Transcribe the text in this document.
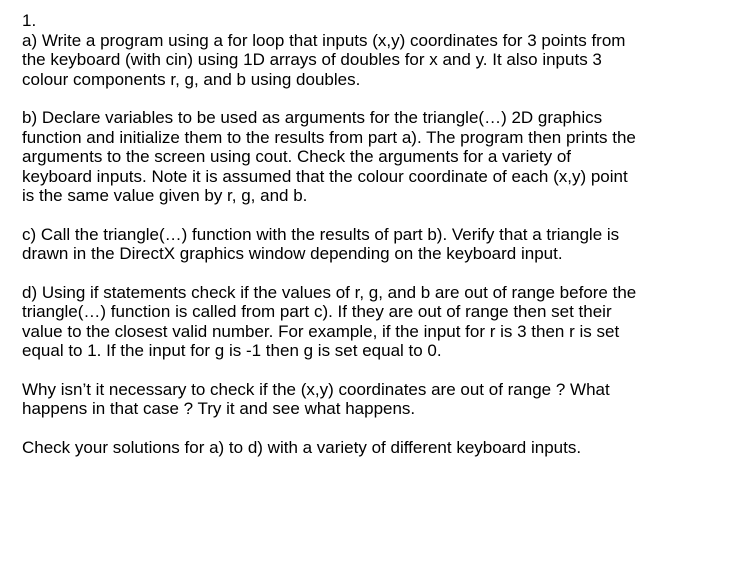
1.

a) Write a program using a for loop that inputs (x,y) coordinates for 3 points from
the keyboard (with cin) using 1D arrays of doubles for x and y. It also inputs 3
colour components r, g, and b using doubles.

b) Declare variables to be used as arguments for the triangle(…) 2D graphics
function and initialize them to the results from part a). The program then prints the
arguments to the screen using cout. Check the arguments for a variety of
keyboard inputs. Note it is assumed that the colour coordinate of each (x,y) point
is the same value given by r, g, and b.

c) Call the triangle(…) function with the results of part b). Verify that a triangle is
drawn in the DirectX graphics window depending on the keyboard input.

d) Using if statements check if the values of r, g, and b are out of range before the
triangle(…) function is called from part c). If they are out of range then set their
value to the closest valid number. For example, if the input for r is 3 then r is set
equal to 1. If the input for g is -1 then g is set equal to 0.

Why isn’t it necessary to check if the (x,y) coordinates are out of range ? What
happens in that case ? Try it and see what happens.

Check your solutions for a) to d) with a variety of different keyboard inputs.
